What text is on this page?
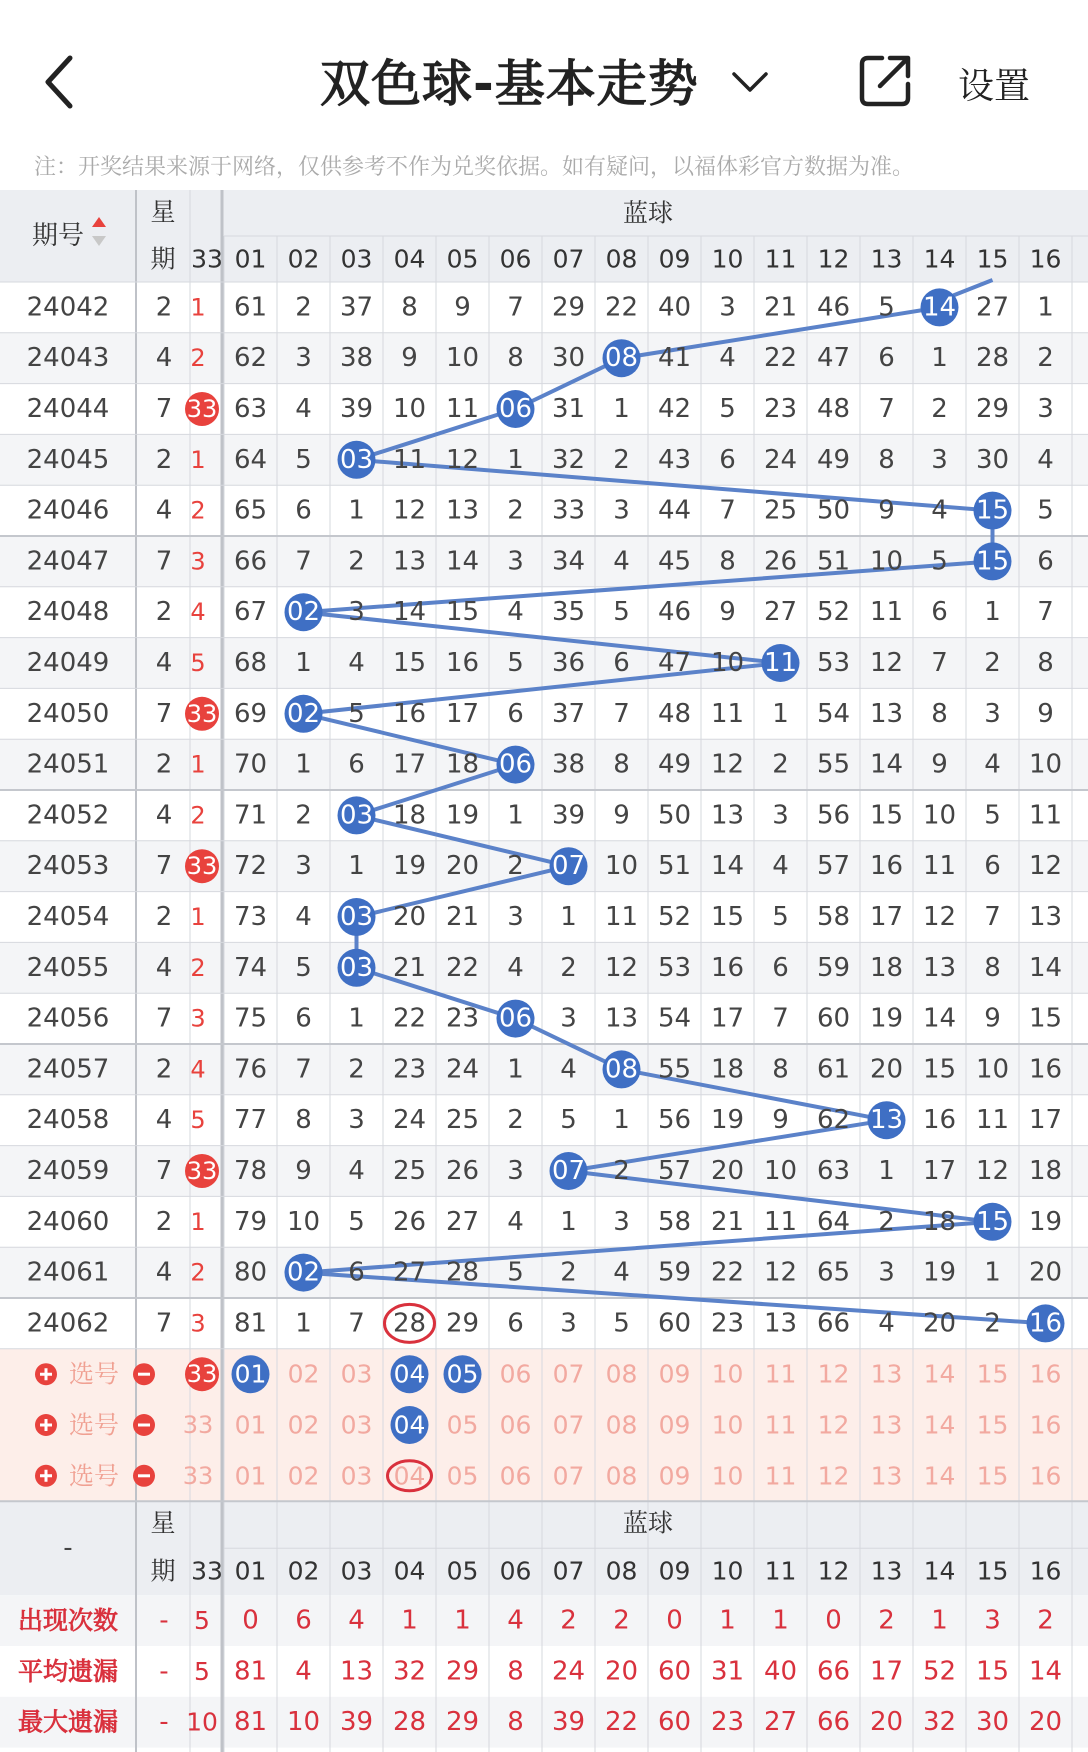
双色球-基本走势	设置
注：开奖结果来源于网络，仅供参考不作为兑奖依据。如有疑问，以福体彩官方数据为准。
期号
星
期
蓝球
33 01 02 03 04 05 06 07 08 09 10 11 12 13 14 15 16
24042 2 1 61 2 37 8 9 7 29 22 40 3 21 46 5 14 27 1
24043 4 2 62 3 38 9 10 8 30 08 41 4 22 47 6 1 28 2
24044 7 33 63 4 39 10 11 06 31 1 42 5 23 48 7 2 29 3
24045 2 1 64 5 03 11 12 1 32 2 43 6 24 49 8 3 30 4
24046 4 2 65 6 1 12 13 2 33 3 44 7 25 50 9 4 15 5
24047 7 3 66 7 2 13 14 3 34 4 45 8 26 51 10 5 15 6
24048 2 4 67 02 3 14 15 4 35 5 46 9 27 52 11 6 1 7
24049 4 5 68 1 4 15 16 5 36 6 47 10 11 53 12 7 2 8
24050 7 33 69 02 5 16 17 6 37 7 48 11 1 54 13 8 3 9
24051 2 1 70 1 6 17 18 06 38 8 49 12 2 55 14 9 4 10
24052 4 2 71 2 03 18 19 1 39 9 50 13 3 56 15 10 5 11
24053 7 33 72 3 1 19 20 2 07 10 51 14 4 57 16 11 6 12
24054 2 1 73 4 03 20 21 3 1 11 52 15 5 58 17 12 7 13
24055 4 2 74 5 03 21 22 4 2 12 53 16 6 59 18 13 8 14
24056 7 3 75 6 1 22 23 06 3 13 54 17 7 60 19 14 9 15
24057 2 4 76 7 2 23 24 1 4 08 55 18 8 61 20 15 10 16
24058 4 5 77 8 3 24 25 2 5 1 56 19 9 62 13 16 11 17
24059 7 33 78 9 4 25 26 3 07 2 57 20 10 63 1 17 12 18
24060 2 1 79 10 5 26 27 4 1 3 58 21 11 64 2 18 15 19
24061 4 2 80 02 6 27 28 5 2 4 59 22 12 65 3 19 1 20
24062 7 3 81 1 7 28 29 6 3 5 60 23 13 66 4 20 2 16
选号	33 01 02 03 04 05 06 07 08 09 10 11 12 13 14 15 16
选号	33 01 02 03 04 05 06 07 08 09 10 11 12 13 14 15 16
选号	33 01 02 03 04 05 06 07 08 09 10 11 12 13 14 15 16
-
星
期
蓝球
33 01 02 03 04 05 06 07 08 09 10 11 12 13 14 15 16
出现次数 - 5 0 6 4 1 1 4 2 2 0 1 1 0 2 1 3 2
平均遗漏 - 5 81 4 13 32 29 8 24 20 60 31 40 66 17 52 15 14
最大遗漏 - 10 81 10 39 28 29 8 39 22 60 23 27 66 20 32 30 20
